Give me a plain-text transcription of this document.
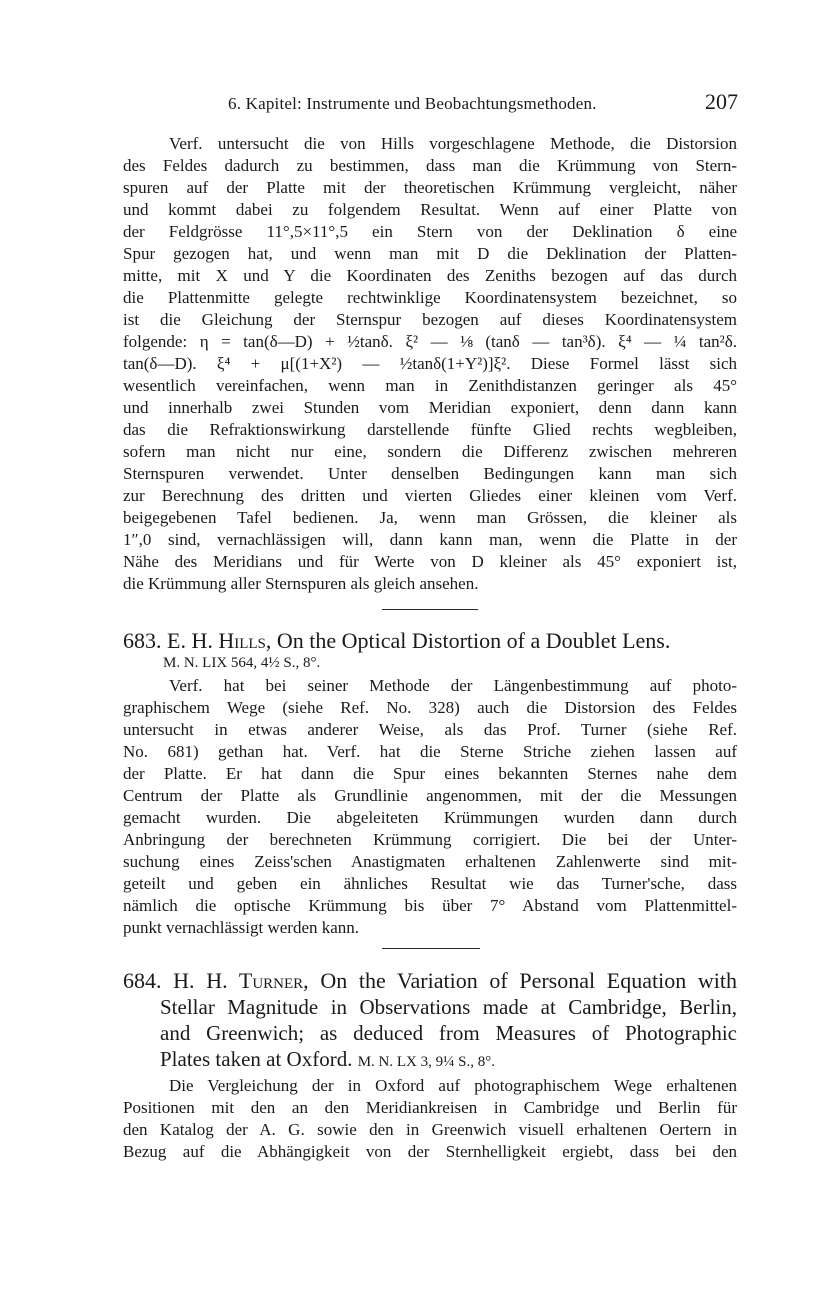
6. Kapitel: Instrumente und Beobachtungsmethoden.	207
Verf. untersucht die von Hills vorgeschlagene Methode, die Distorsion
des Feldes dadurch zu bestimmen, dass man die Krümmung von Stern-
spuren auf der Platte mit der theoretischen Krümmung vergleicht, näher
und kommt dabei zu folgendem Resultat. Wenn auf einer Platte von
der Feldgrösse 11°,5×11°,5 ein Stern von der Deklination δ eine
Spur gezogen hat, und wenn man mit D die Deklination der Platten-
mitte, mit X und Y die Koordinaten des Zeniths bezogen auf das durch
die Plattenmitte gelegte rechtwinklige Koordinatensystem bezeichnet, so
ist die Gleichung der Sternspur bezogen auf dieses Koordinatensystem
folgende: η = tan(δ—D) + ½tanδ. ξ² — ⅛ (tanδ — tan³δ). ξ⁴ — ¼ tan²δ.
tan(δ—D). ξ⁴ + μ[(1+X²) — ½tanδ(1+Y²)]ξ². Diese Formel lässt sich
wesentlich vereinfachen, wenn man in Zenithdistanzen geringer als 45°
und innerhalb zwei Stunden vom Meridian exponiert, denn dann kann
das die Refraktionswirkung darstellende fünfte Glied rechts wegbleiben,
sofern man nicht nur eine, sondern die Differenz zwischen mehreren
Sternspuren verwendet. Unter denselben Bedingungen kann man sich
zur Berechnung des dritten und vierten Gliedes einer kleinen vom Verf.
beigegebenen Tafel bedienen. Ja, wenn man Grössen, die kleiner als
1″,0 sind, vernachlässigen will, dann kann man, wenn die Platte in der
Nähe des Meridians und für Werte von D kleiner als 45° exponiert ist,
die Krümmung aller Sternspuren als gleich ansehen.
683. E. H. Hills, On the Optical Distortion of a Doublet Lens.
M. N. LIX 564, 4½ S., 8°.
Verf. hat bei seiner Methode der Längenbestimmung auf photo-
graphischem Wege (siehe Ref. No. 328) auch die Distorsion des Feldes
untersucht in etwas anderer Weise, als das Prof. Turner (siehe Ref.
No. 681) gethan hat. Verf. hat die Sterne Striche ziehen lassen auf
der Platte. Er hat dann die Spur eines bekannten Sternes nahe dem
Centrum der Platte als Grundlinie angenommen, mit der die Messungen
gemacht wurden. Die abgeleiteten Krümmungen wurden dann durch
Anbringung der berechneten Krümmung corrigiert. Die bei der Unter-
suchung eines Zeiss'schen Anastigmaten erhaltenen Zahlenwerte sind mit-
geteilt und geben ein ähnliches Resultat wie das Turner'sche, dass
nämlich die optische Krümmung bis über 7° Abstand vom Plattenmittel-
punkt vernachlässigt werden kann.
684. H. H. Turner, On the Variation of Personal Equation with
Stellar Magnitude in Observations made at Cambridge, Berlin,
and Greenwich; as deduced from Measures of Photographic
Plates taken at Oxford. M. N. LX 3, 9¼ S., 8°.
Die Vergleichung der in Oxford auf photographischem Wege erhaltenen
Positionen mit den an den Meridiankreisen in Cambridge und Berlin für
den Katalog der A. G. sowie den in Greenwich visuell erhaltenen Oertern in
Bezug auf die Abhängigkeit von der Sternhelligkeit ergiebt, dass bei den
